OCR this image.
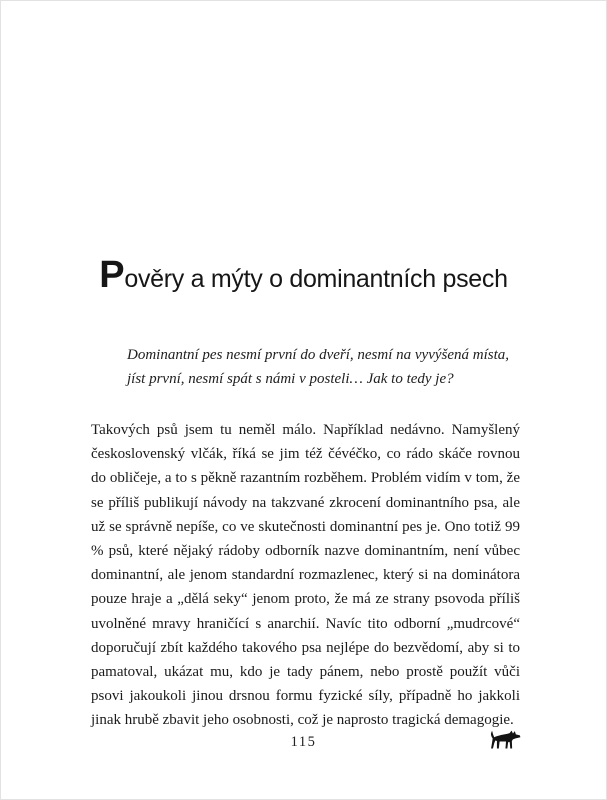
Pověry a mýty o dominantních psech

Dominantní pes nesmí první do dveří, nesmí na vyvýšená místa, jíst první, nesmí spát s námi v posteli… Jak to tedy je?

Takových psů jsem tu neměl málo. Například nedávno. Namyšlený československý vlčák, říká se jim též čévéčko, co rádo skáče rovnou do obličeje, a to s pěkně razantním rozběhem. Problém vidím v tom, že se příliš publikují návody na takzvané zkrocení dominantního psa, ale už se správně nepíše, co ve skutečnosti dominantní pes je. Ono totiž 99 % psů, které nějaký rádoby odborník nazve dominantním, není vůbec dominantní, ale jenom standardní rozmazlenec, který si na dominátora pouze hraje a „dělá seky“ jenom proto, že má ze strany psovoda příliš uvolněné mravy hraničící s anarchií. Navíc tito odborní „mudrcové“ doporučují zbít každého takového psa nejlépe do bezvědomí, aby si to pamatoval, ukázat mu, kdo je tady pánem, nebo prostě použít vůči psovi jakoukoli jinou drsnou formu fyzické síly, případně ho jakkoli jinak hrubě zbavit jeho osobnosti, což je naprosto tragická demagogie.

115
